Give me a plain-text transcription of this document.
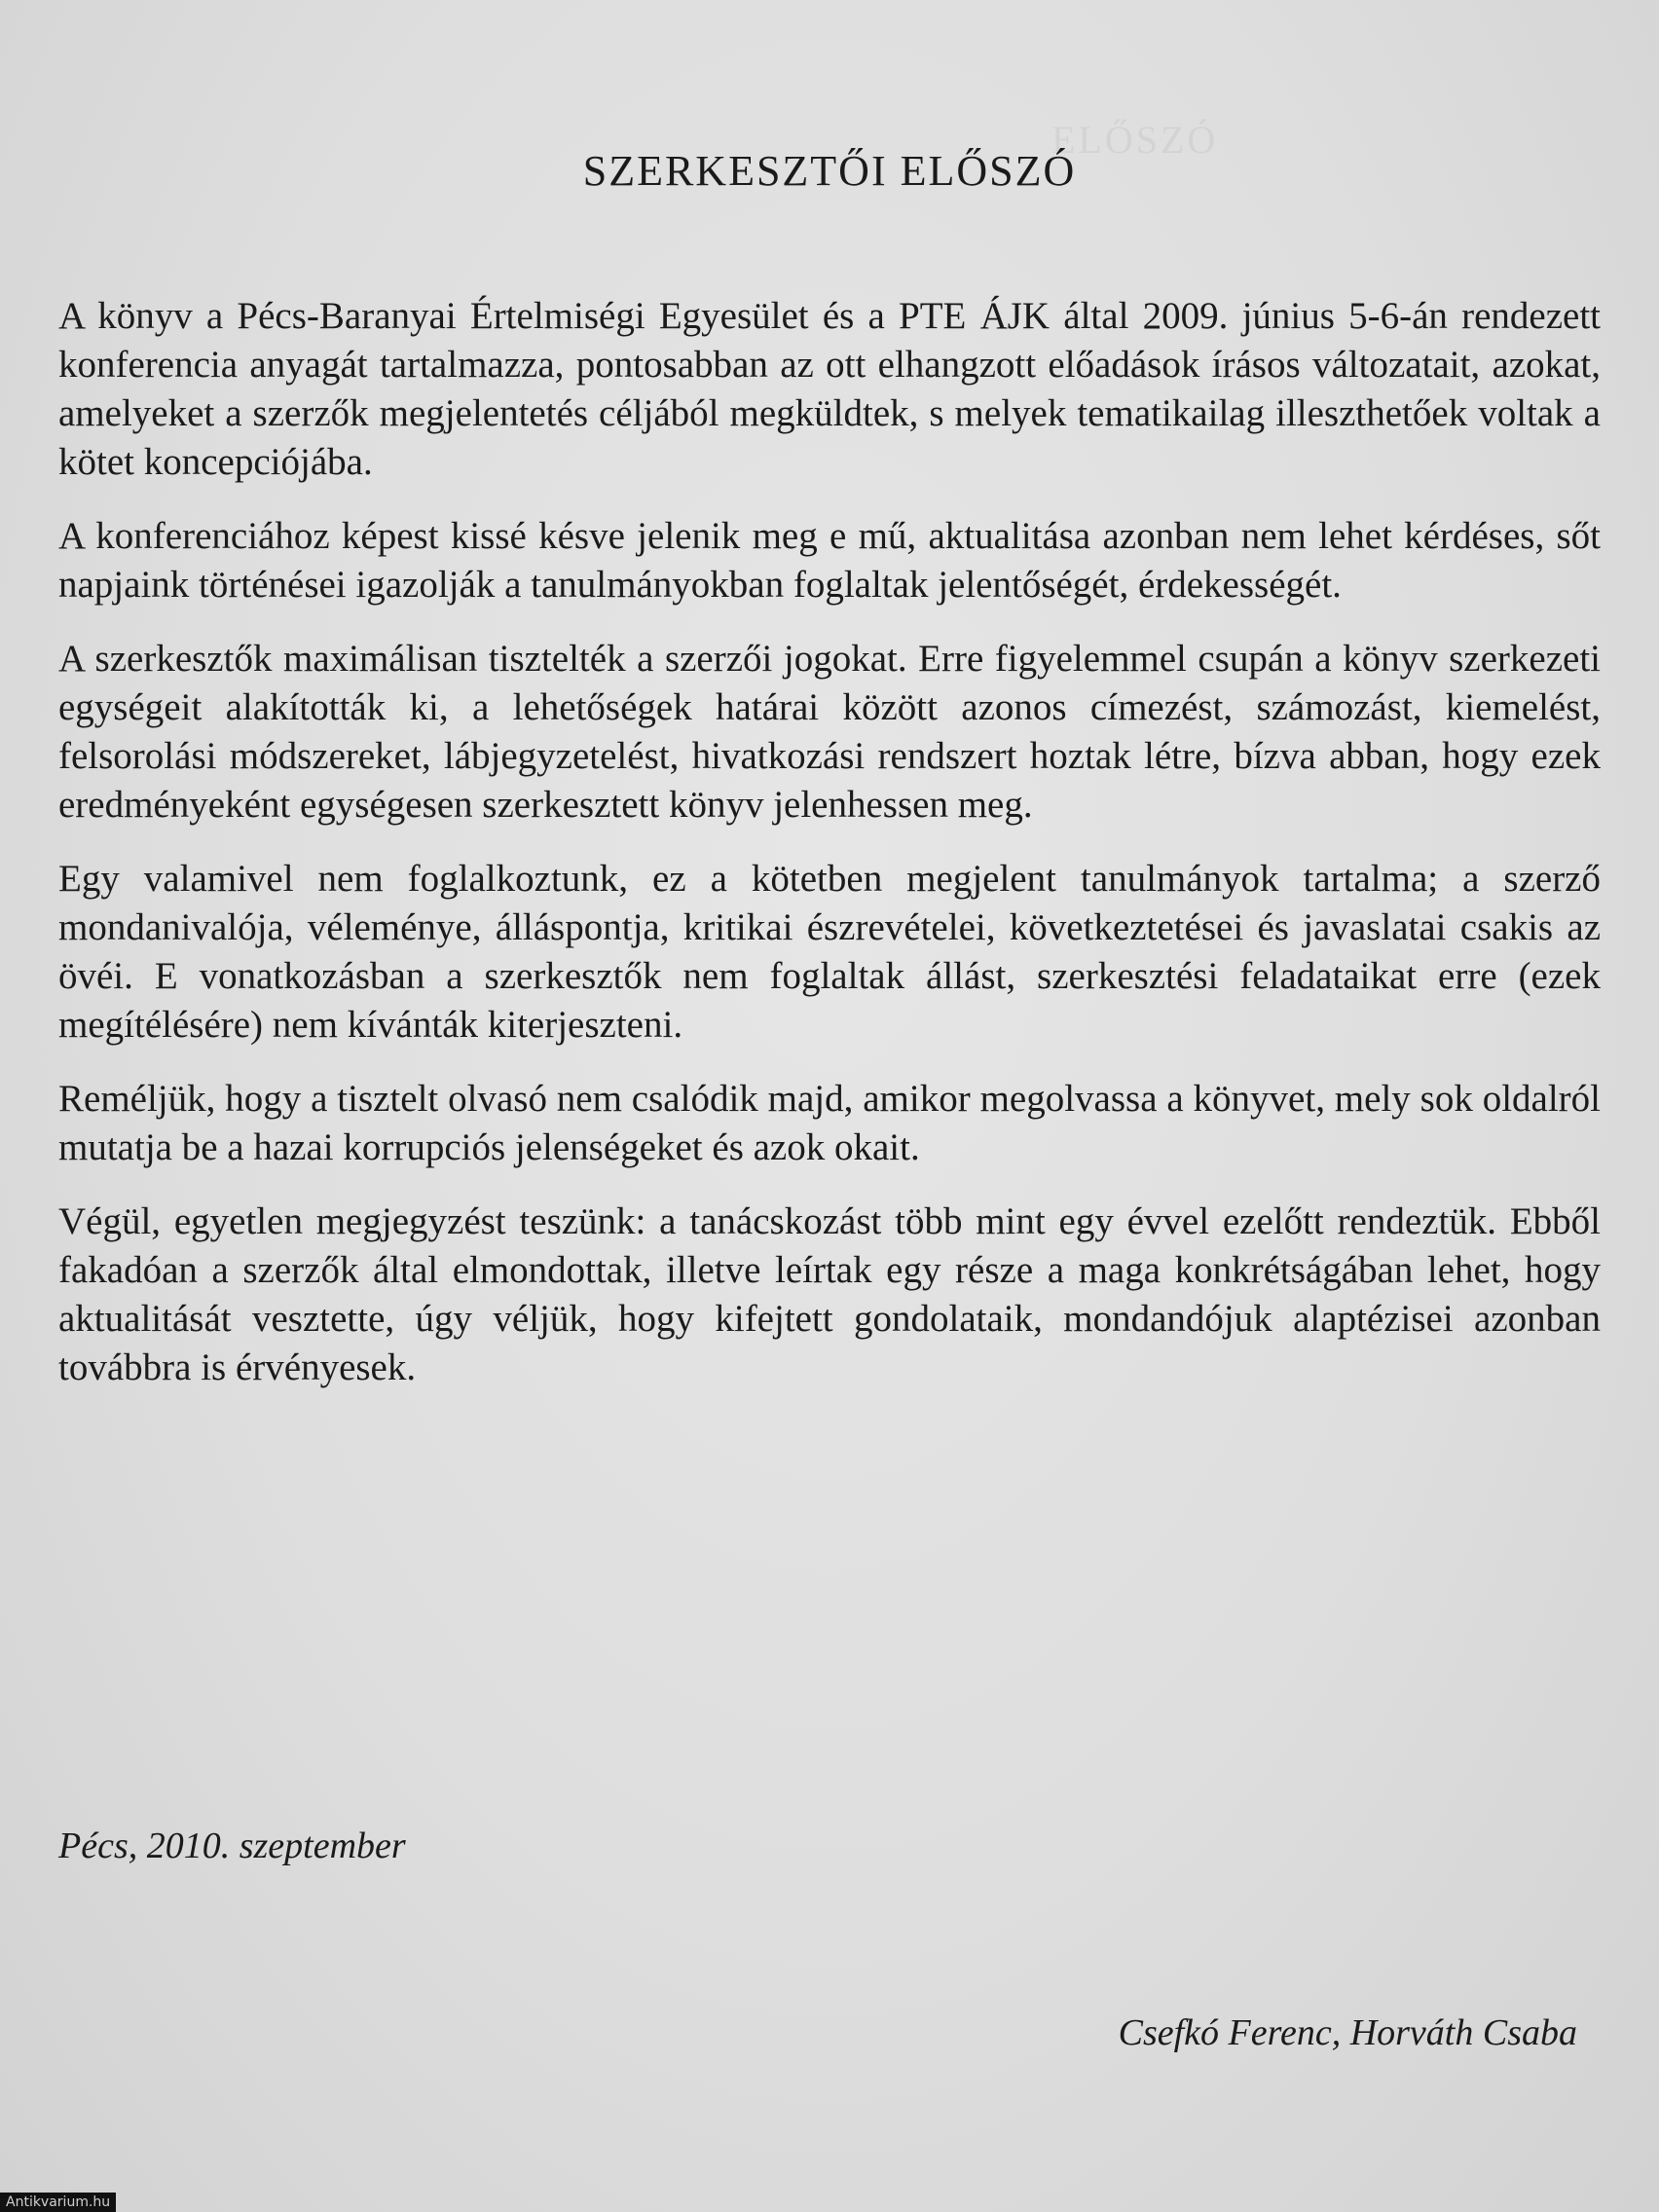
ELŐSZÓ
SZERKESZTŐI ELŐSZÓ

A könyv a Pécs-Baranyai Értelmiségi Egyesület és a PTE ÁJK által 2009. június 5-6-án rendezett konferencia anyagát tartalmazza, pontosabban az ott elhangzott előadások írásos változatait, azokat, amelyeket a szerzők megjelentetés céljából megküldtek, s melyek tematikailag illeszthetőek voltak a kötet koncepciójába.

A konferenciához képest kissé késve jelenik meg e mű, aktualitása azonban nem lehet kérdéses, sőt napjaink történései igazolják a tanulmányokban foglaltak jelentőségét, érdekességét.

A szerkesztők maximálisan tisztelték a szerzői jogokat. Erre figyelemmel csupán a könyv szerkezeti egységeit alakították ki, a lehetőségek határai között azonos címezést, számozást, kiemelést, felsorolási módszereket, lábjegyzetelést, hivatkozási rendszert hoztak létre, bízva abban, hogy ezek eredményeként egységesen szerkesztett könyv jelenhessen meg.

Egy valamivel nem foglalkoztunk, ez a kötetben megjelent tanulmányok tartalma; a szerző mondanivalója, véleménye, álláspontja, kritikai észrevételei, következtetései és javaslatai csakis az övéi. E vonatkozásban a szerkesztők nem foglaltak állást, szerkesztési feladataikat erre (ezek megítélésére) nem kívánták kiterjeszteni.

Reméljük, hogy a tisztelt olvasó nem csalódik majd, amikor megolvassa a könyvet, mely sok oldalról mutatja be a hazai korrupciós jelenségeket és azok okait.

Végül, egyetlen megjegyzést teszünk: a tanácskozást több mint egy évvel ezelőtt rendeztük. Ebből fakadóan a szerzők által elmondottak, illetve leírtak egy része a maga konkrétságában lehet, hogy aktualitását vesztette, úgy véljük, hogy kifejtett gondolataik, mondandójuk alaptézisei azonban továbbra is érvényesek.

Pécs, 2010. szeptember
Csefkó Ferenc, Horváth Csaba
Antikvarium.hu
